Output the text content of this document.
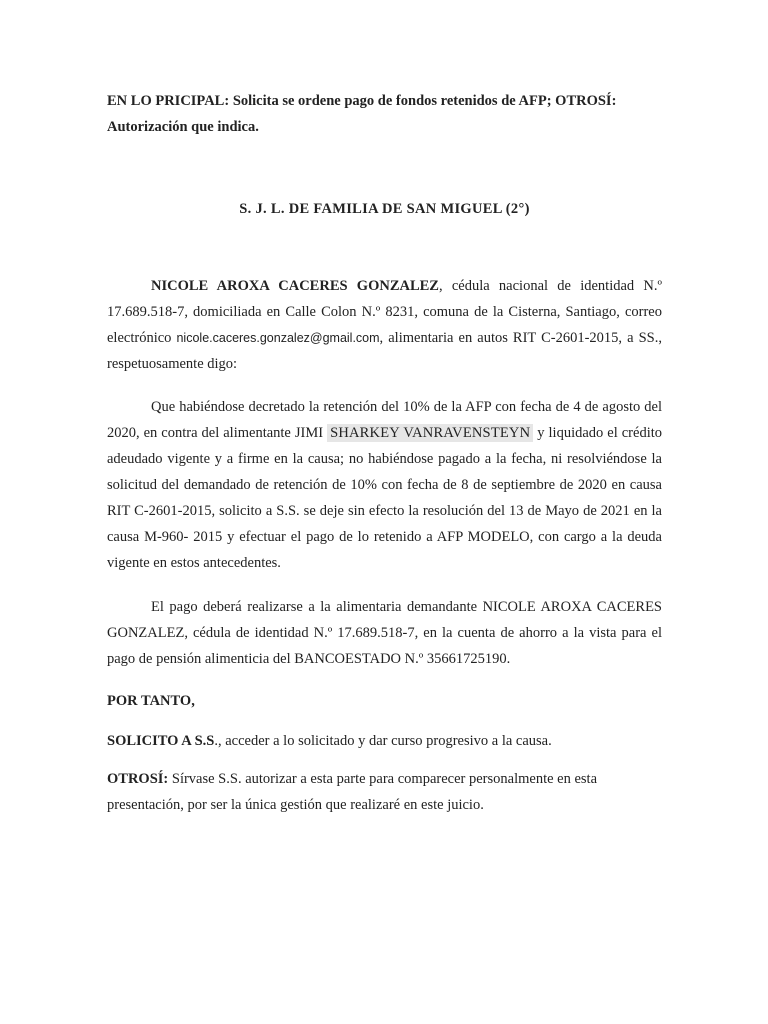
EN LO PRICIPAL: Solicita se ordene pago de fondos retenidos de AFP; OTROSÍ: Autorización que indica.
S. J. L. DE FAMILIA DE SAN MIGUEL (2°)
NICOLE AROXA CACERES GONZALEZ, cédula nacional de identidad N.º 17.689.518-7, domiciliada en Calle Colon N.º 8231, comuna de la Cisterna, Santiago, correo electrónico nicole.caceres.gonzalez@gmail.com, alimentaria en autos RIT C-2601-2015, a SS., respetuosamente digo:
Que habiéndose decretado la retención del 10% de la AFP con fecha de 4 de agosto del 2020, en contra del alimentante JIMI SHARKEY VANRAVENSTEYN y liquidado el crédito adeudado vigente y a firme en la causa; no habiéndose pagado a la fecha, ni resolviéndose la solicitud del demandado de retención de 10% con fecha de 8 de septiembre de 2020 en causa RIT C-2601-2015, solicito a S.S. se deje sin efecto la resolución del 13 de Mayo de 2021 en la causa M-960- 2015 y efectuar el pago de lo retenido a AFP MODELO, con cargo a la deuda vigente en estos antecedentes.
El pago deberá realizarse a la alimentaria demandante NICOLE AROXA CACERES GONZALEZ, cédula de identidad N.º 17.689.518-7, en la cuenta de ahorro a la vista para el pago de pensión alimenticia del BANCOESTADO N.º 35661725190.
POR TANTO,
SOLICITO A S.S., acceder a lo solicitado y dar curso progresivo a la causa.
OTROSÍ: Sírvase S.S. autorizar a esta parte para comparecer personalmente en esta presentación, por ser la única gestión que realizaré en este juicio.
